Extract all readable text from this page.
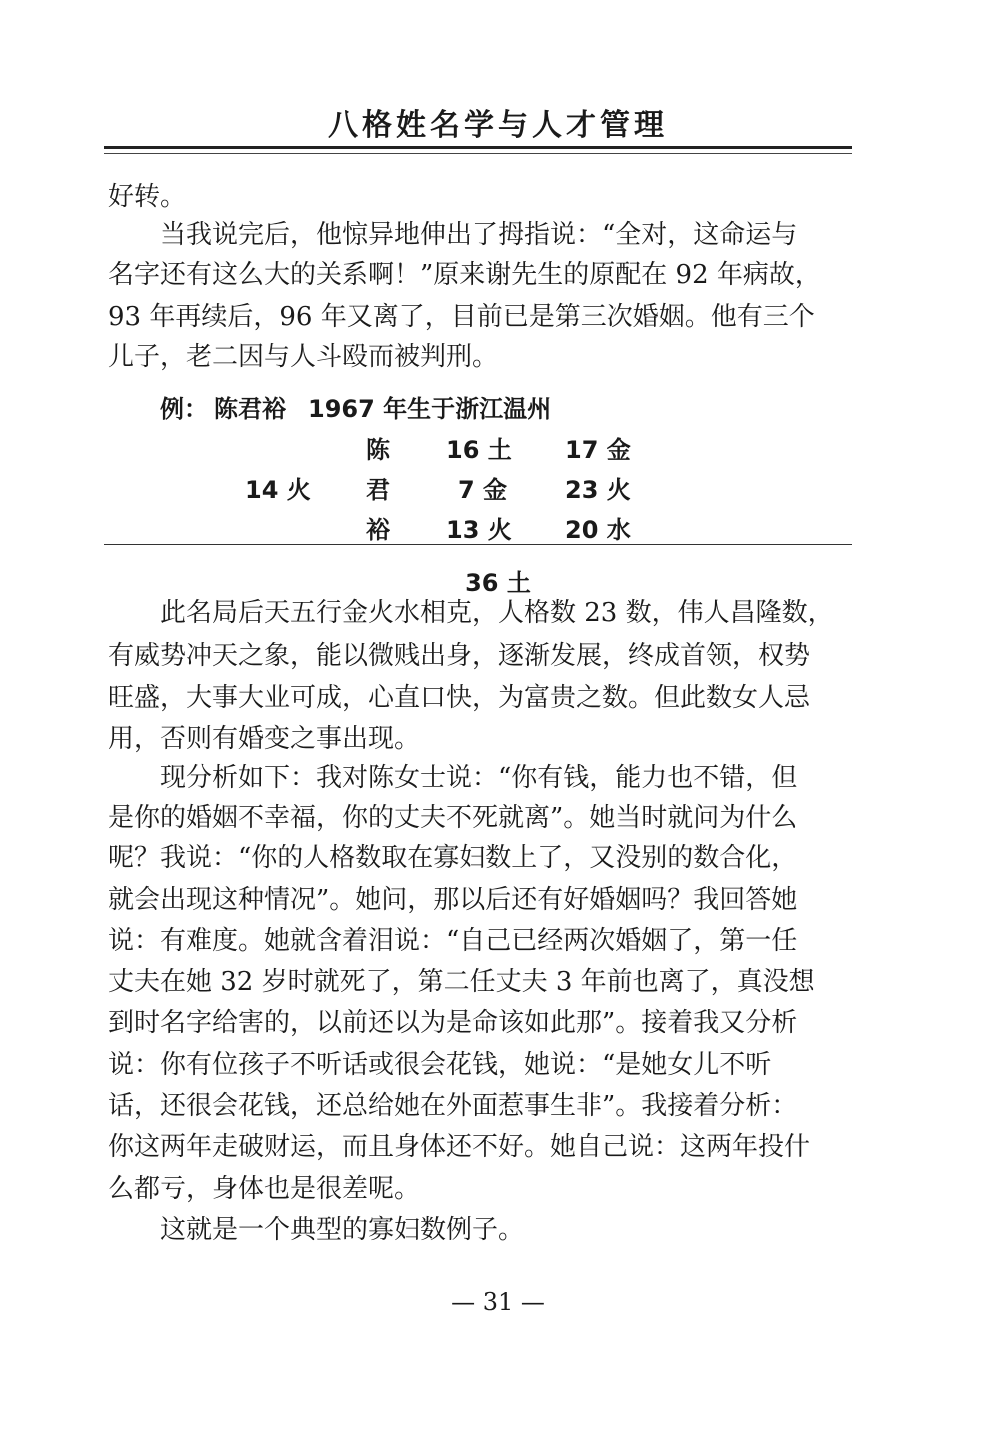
八格姓名学与人才管理
好转。
当我说完后，他惊异地伸出了拇指说：“全对，这命运与
名字还有这么大的关系啊！”原来谢先生的原配在 92 年病故，
93 年再续后，96 年又离了，目前已是第三次婚姻。他有三个
儿子，老二因与人斗殴而被判刑。
例： 陈君裕 1967 年生于浙江温州
14 火
陈 16 土 17 金
君	7 金 23 火
裕 13 火 20 水
36 土
此名局后天五行金火水相克，人格数 23 数，伟人昌隆数，
有威势冲天之象，能以微贱出身，逐渐发展，终成首领，权势
旺盛，大事大业可成，心直口快，为富贵之数。但此数女人忌
用，否则有婚变之事出现。
现分析如下：我对陈女士说：“你有钱，能力也不错，但
是你的婚姻不幸福，你的丈夫不死就离”。她当时就问为什么
呢？我说：“你的人格数取在寡妇数上了，又没别的数合化，
就会出现这种情况”。她问，那以后还有好婚姻吗？我回答她
说：有难度。她就含着泪说：“自己已经两次婚姻了，第一任
丈夫在她 32 岁时就死了，第二任丈夫 3 年前也离了，真没想
到时名字给害的，以前还以为是命该如此那”。接着我又分析
说：你有位孩子不听话或很会花钱，她说：“是她女儿不听
话，还很会花钱，还总给她在外面惹事生非”。我接着分析：
你这两年走破财运，而且身体还不好。她自己说：这两年投什
么都亏，身体也是很差呢。
这就是一个典型的寡妇数例子。
— 31 —
